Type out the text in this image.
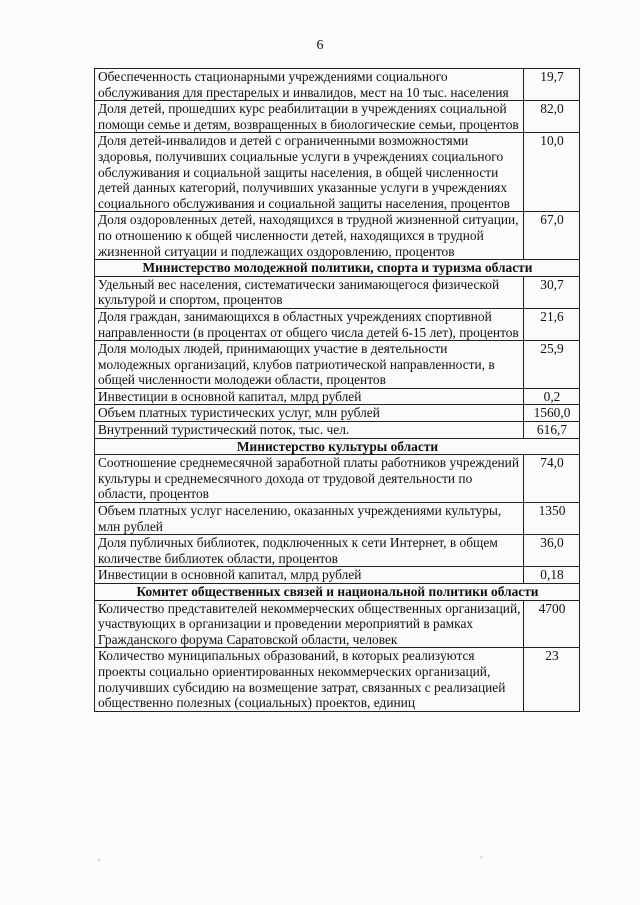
6
Обеспеченность стационарными учреждениями социального обслуживания для престарелых и инвалидов, мест на 10 тыс. населения	19,7
Доля детей, прошедших курс реабилитации в учреждениях социальной помощи семье и детям, возвращенных в биологические семьи, процентов	82,0
Доля детей-инвалидов и детей с ограниченными возможностями здоровья, получивших социальные услуги в учреждениях социального обслуживания и социальной защиты населения, в общей численности детей данных категорий, получивших указанные услуги в учреждениях социального обслуживания и социальной защиты населения, процентов	10,0
Доля оздоровленных детей, находящихся в трудной жизненной ситуации, по отношению к общей численности детей, находящихся в трудной жизненной ситуации и подлежащих оздоровлению, процентов	67,0
Министерство молодежной политики, спорта и туризма области	
Удельный вес населения, систематически занимающегося физической культурой и спортом, процентов	30,7
Доля граждан, занимающихся в областных учреждениях спортивной направленности (в процентах от общего числа детей 6-15 лет), процентов	21,6
Доля молодых людей, принимающих участие в деятельности молодежных организаций, клубов патриотической направленности, в общей численности молодежи области, процентов	25,9
Инвестиции в основной капитал, млрд рублей	0,2
Объем платных туристических услуг, млн рублей	1560,0
Внутренний туристический поток, тыс. чел.	616,7
Министерство культуры области	
Соотношение среднемесячной заработной платы работников учреждений культуры и среднемесячного дохода от трудовой деятельности по области, процентов	74,0
Объем платных услуг населению, оказанных учреждениями культуры, млн рублей	1350
Доля публичных библиотек, подключенных к сети Интернет, в общем количестве библиотек области, процентов	36,0
Инвестиции в основной капитал, млрд рублей	0,18
Комитет общественных связей и национальной политики области	
Количество представителей некоммерческих общественных организаций, участвующих в организации и проведении мероприятий в рамках Гражданского форума Саратовской области, человек	4700
Количество муниципальных образований, в которых реализуются проекты социально ориентированных некоммерческих организаций, получивших субсидию на возмещение затрат, связанных с реализацией общественно полезных (социальных) проектов, единиц	23
˘	˘
